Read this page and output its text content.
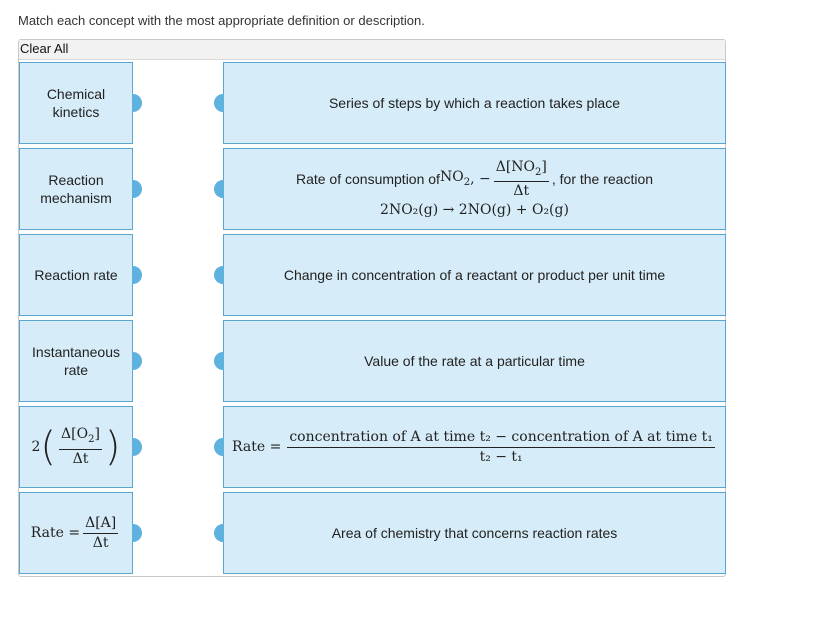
Match each concept with the most appropriate definition or description.
Clear All
Chemical kinetics
Reaction mechanism
Reaction rate
Instantaneous rate
2 ( $\frac{\Delta[O_2]}{\Delta t}$ )
Rate = $\frac{\Delta[A]}{\Delta t}$
Series of steps by which a reaction takes place
Rate of consumption of $NO_2$ , − $\frac{\Delta[NO_2]}{\Delta t}$ , for the reaction
2NO₂(g) → 2NO(g) + O₂(g)
Change in concentration of a reactant or product per unit time
Value of the rate at a particular time
Rate =
concentration of A at time t₂ − concentration of A at time t₁
t₂ − t₁
Area of chemistry that concerns reaction rates
